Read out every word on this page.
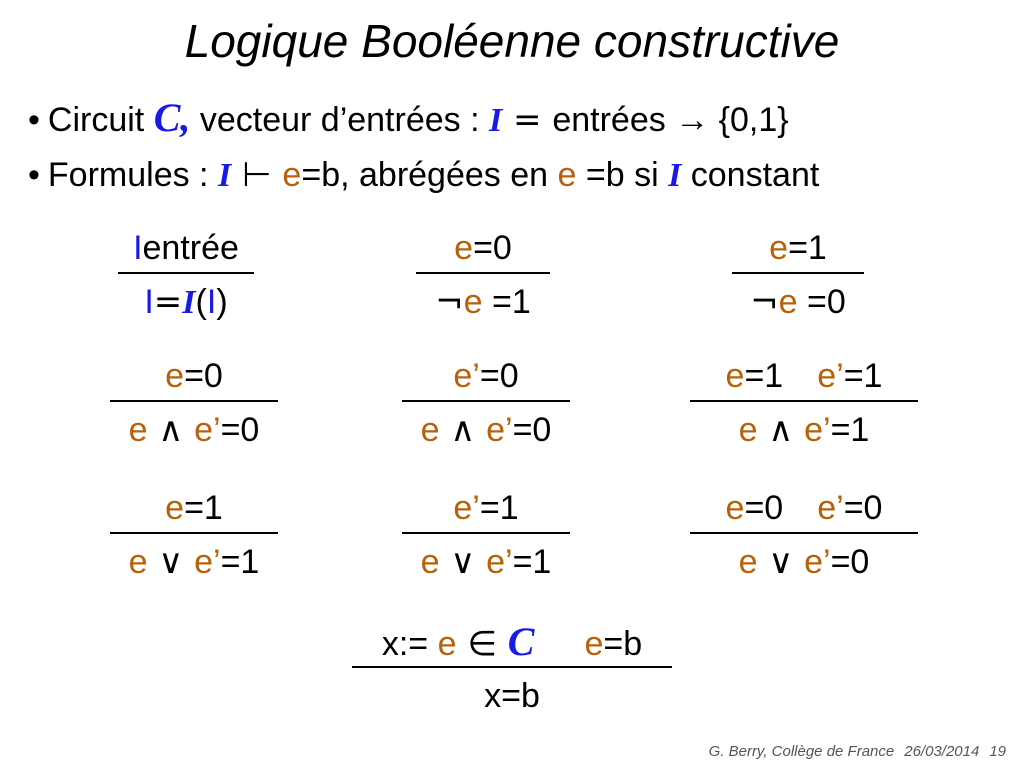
Logique Booléenne constructive
• Circuit C, vecteur d’entrées : I = entrées → {0,1}
• Formules : I ⊢ e=b, abrégées en e =b si I constant
Ientrée
I=I(I)
e=0
¬e =1
e=1
¬e =0
e=0
e ∧ e’=0
e’=0
e ∧ e’=0
e=1 e’=1
e ∧ e’=1
e=1
e ∨ e’=1
e’=1
e ∨ e’=1
e=0 e’=0
e ∨ e’=0
x:= e ∈ C e=b
x=b
G. Berry, Collège de France 26/03/2014 19
